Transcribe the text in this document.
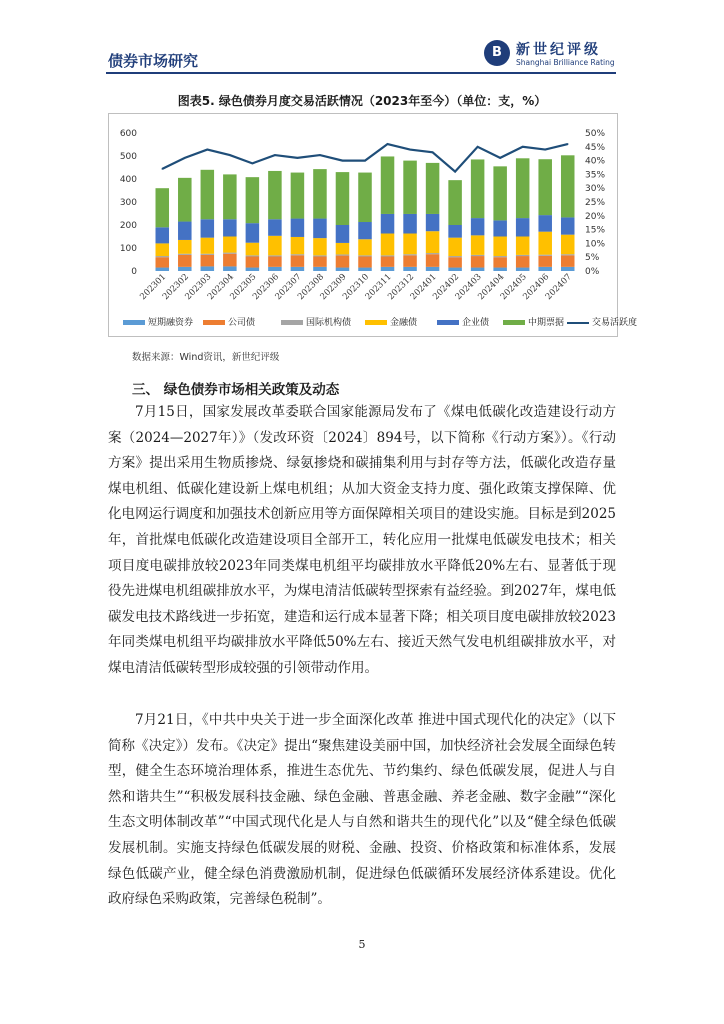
债券市场研究	B 新世纪评级
Shanghai Brilliance Rating
图表5. 绿色债券月度交易活跃情况（2023年至今）（单位：支，%）
600
500
400
300
200
100
0
50%
45%
40%
35%
30%
25%
20%
15%
10%
5%
0%
202301
202302
202303
202304
202305
202306
202307
202308
202309
202310
202311
202312
202401
202402
202403
202404
202405
202406
202407
短期融资券	公司债	国际机构债	金融债	企业债	中期票据	交易活跃度
数据来源：Wind资讯，新世纪评级
三、 绿色债券市场相关政策及动态

7月15日，国家发展改革委联合国家能源局发布了《煤电低碳化改造建设行动方案（2024—2027年）》（发改环资〔2024〕894号，以下简称《行动方案》）。《行动方案》提出采用生物质掺烧、绿氨掺烧和碳捕集利用与封存等方法，低碳化改造存量煤电机组、低碳化建设新上煤电机组；从加大资金支持力度、强化政策支撑保障、优化电网运行调度和加强技术创新应用等方面保障相关项目的建设实施。目标是到2025年，首批煤电低碳化改造建设项目全部开工，转化应用一批煤电低碳发电技术；相关项目度电碳排放较2023年同类煤电机组平均碳排放水平降低20%左右、显著低于现役先进煤电机组碳排放水平，为煤电清洁低碳转型探索有益经验。到2027年，煤电低碳发电技术路线进一步拓宽，建造和运行成本显著下降；相关项目度电碳排放较2023年同类煤电机组平均碳排放水平降低50%左右、接近天然气发电机组碳排放水平，对煤电清洁低碳转型形成较强的引领带动作用。

7月21日，《中共中央关于进一步全面深化改革 推进中国式现代化的决定》（以下简称《决定》）发布。《决定》提出“聚焦建设美丽中国，加快经济社会发展全面绿色转型，健全生态环境治理体系，推进生态优先、节约集约、绿色低碳发展，促进人与自然和谐共生”“积极发展科技金融、绿色金融、普惠金融、养老金融、数字金融”“深化生态文明体制改革”“中国式现代化是人与自然和谐共生的现代化”以及“健全绿色低碳发展机制。实施支持绿色低碳发展的财税、金融、投资、价格政策和标准体系，发展绿色低碳产业，健全绿色消费激励机制，促进绿色低碳循环发展经济体系建设。优化政府绿色采购政策，完善绿色税制”。

5
